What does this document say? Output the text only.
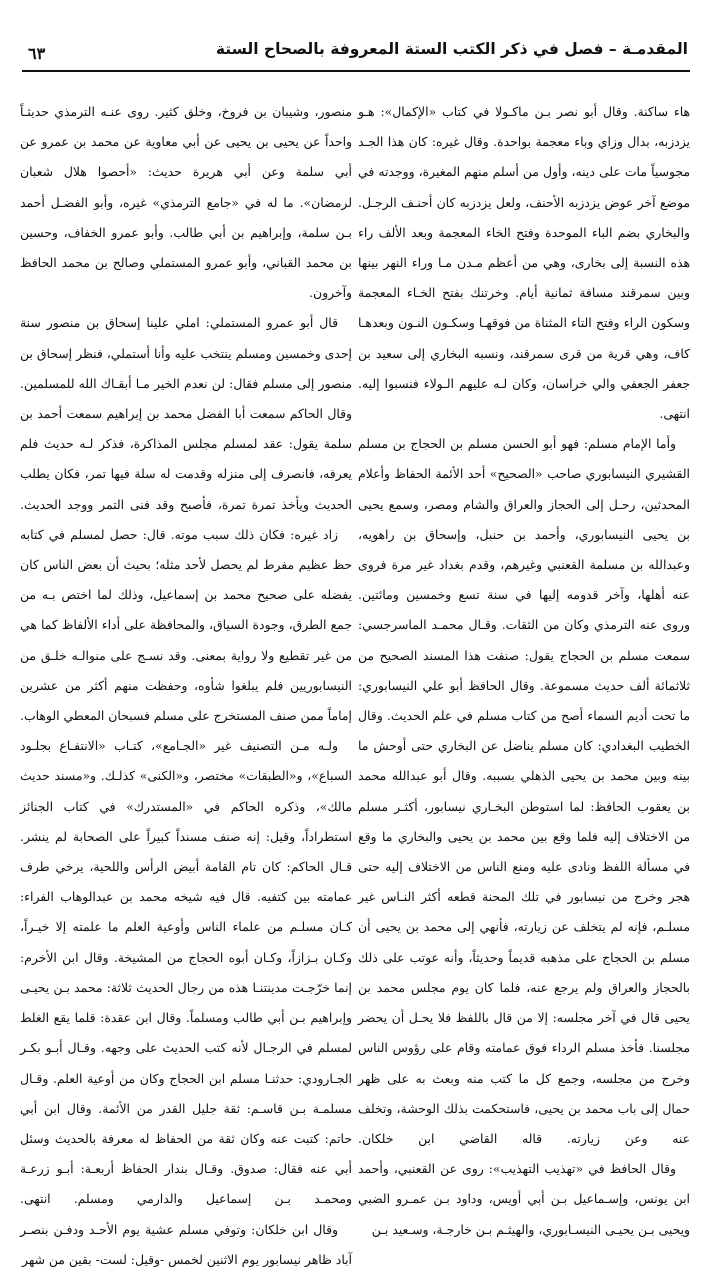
المقدمـة – فصل في ذكر الكتب الستة المعروفة بالصحاح الستة
٦٣

هاء ساكنة. وقال أبو نصر بـن ماكـولا في كتاب «الإكمال»: هـو يزدزبه، بدال وزاي وباء معجمة بواحدة. وقال غيره: كان هذا الجـد مجوسياً مات على دينه، وأول من أسلم منهم المغيرة، ووجدته في موضع آخر عوض يزدزبه الأحنف، ولعل يزدزبه كان أحنـف الرجـل. والبخاري بضم الباء الموحدة وفتح الخاء المعجمة وبعد الألف راء هذه النسبة إلى بخارى، وهي من أعظم مـدن مـا وراء النهر بينها وبين سمرقند مسافة ثمانية أيام. وخرتنك بفتح الخـاء المعجمة وسكون الراء وفتح التاء المثناة من فوقهـا وسكـون النـون وبعدهـا كاف، وهي قرية من قرى سمرقند، ونسبه البخاري إلى سعيد بن جعفر الجعفي والي خراسان، وكان لـه عليهم الـولاء فنسبوا إليه. انتهى.

وأما الإمام مسلم: فهو أبو الحسن مسلم بن الحجاج بن مسلم القشيري النيسابوري صاحب «الصحيح» أحد الأئمة الحفاظ وأعلام المحدثين، رحـل إلى الحجاز والعراق والشام ومصر، وسمع يحيى بن يحيى النيسابوري، وأحمد بن حنبل، وإسحاق بن راهويه، وعبدالله بن مسلمة القعنبي وغيرهم، وقدم بغداد غير مرة فروى عنه أهلها، وآخر قدومه إليها في سنة تسع وخمسين ومائتين. وروى عنه الترمذي وكان من الثقات. وقـال محمـد الماسرجسي: سمعت مسلم بن الحجاج يقول: صنفت هذا المسند الصحيح من ثلاثمائة ألف حديث مسموعة. وقال الحافظ أبو علي النيسابوري: ما تحت أديم السماء أصح من كتاب مسلم في علم الحديث. وقال الخطيب البغدادي: كان مسلم يناضل عن البخاري حتى أوحش ما بينه وبين محمد بن يحيى الذهلي بسببه. وقال أبو عبدالله محمد بن يعقوب الحافظ: لما استوطن البخـاري نيسابور، أكثـر مسلم من الاختلاف إليه فلما وقع بين محمد بن يحيى والبخاري ما وقع في مسألة اللفظ ونادى عليه ومنع الناس من الاختلاف إليه حتى هجر وخرج من نيسابور في تلك المحنة قطعه أكثر النـاس غير مسلـم، فإنه لم يتخلف عن زيارته، فأنهي إلى محمد بن يحيى أن مسلم بن الحجاج على مذهبه قديماً وحديثاً، وأنه عوتب على ذلك بالحجاز والعراق ولم يرجع عنه، فلما كان يوم مجلس محمد بن يحيى قال في آخر مجلسه: إلا من قال باللفظ فلا يحـل أن يحضر مجلسنا. فأخذ مسلم الرداء فوق عمامته وقام على رؤوس الناس وخرج من مجلسه، وجمع كل ما كتب منه وبعث به على ظهر حمال إلى باب محمد بن يحيى، فاستحكمت بذلك الوحشة، وتخلف عنه وعن زيارته. قاله القاضي ابن خلكان.

وقال الحافظ في «تهذيب التهذيب»: روى عن القعنبي، وأحمد ابن يونس، وإسـماعيل بـن أبي أويس، وداود بـن عمـرو الضبي ويحيى بـن يحيـى النيسـابوري، والهيثـم بـن خارجـة، وسـعيد بـن

منصور، وشيبان بن فروخ، وخلق كثير. روى عنـه الترمذي حديثـاً واحداً عن يحيى بن يحيى عن أبي معاوية عن محمد بن عمرو عن أبي سلمة وعن أبي هريرة حديث: «أحصوا هلال شعبان لرمضان». ما له في «جامع الترمذي» غيره، وأبو الفضـل أحمد بـن سلمة، وإبراهيم بن أبي طالب. وأبو عمرو الخفاف، وحسين بن محمد القباني، وأبو عمرو المستملي وصالح بن محمد الحافظ وآخرون.

قال أبو عمرو المستملي: املي علينا إسحاق بن منصور سنة إحدى وخمسين ومسلم ينتخب عليه وأنا أستملي، فنظر إسحاق بن منصور إلى مسلم فقال: لن نعدم الخير مـا أبقـاك الله للمسلمين. وقال الحاكم سمعت أبا الفضل محمد بن إبراهيم سمعت أحمد بن سلمة يقول: عقد لمسلم مجلس المذاكرة، فذكر لـه حديث فلم يعرفه، فانصرف إلى منزله وقدمت له سلة فيها تمر، فكان يطلب الحديث ويأخذ تمرة تمرة، فأصبح وقد فنى التمر ووجد الحديث.

زاد غيره: فكان ذلك سبب موته. قال: حصل لمسلم في كتابه حظ عظيم مفرط لم يحصل لأحد مثله؛ بحيث أن بعض الناس كان يفضله على صحيح محمد بن إسماعيل، وذلك لما اختص بـه من جمع الطرق، وجودة السياق، والمحافظة على أداء الألفاظ كما هي من غير تقطيع ولا رواية بمعنى. وقد نسـج على منوالـه خلـق من النيسابوريين فلم يبلغوا شأوه، وحفظت منهم أكثر من عشرين إماماً ممن صنف المستخرج على مسلم فسبحان المعطي الوهاب.

ولـه مـن التصنيف غير «الجـامع»، كتـاب «الانتفـاع بجلـود السباع»، و«الطبقات» مختصر، و«الكنى» كذلـك. و«مسند حديث مالك»، وذكره الحاكم في «المستدرك» في كتاب الجنائز استطراداً، وقيل: إنه صنف مسنداً كبيراً على الصحابة لم ينشر. قـال الحاكم: كان تام القامة أبيض الرأس واللحية، يرخي طرف عمامته بين كتفيه. قال فيه شيخه محمد بن عبدالوهاب الفراء: كـان مسلـم من علماء الناس وأوعية العلم ما علمته إلا خيـراً، وكـان بـزازاً، وكـان أبوه الحجاج من المشيخة. وقال ابن الأخرم: إنما خرّجـت مدينتنـا هذه من رجال الحديث ثلاثة: محمد بـن يحيـى وإبراهيم بـن أبي طالب ومسلماً. وقال ابن عقدة: قلما يقع الغلط لمسلم في الرجـال لأنه كتب الحديث على وجهه. وقـال أبـو بكـر الجـارودي: حدثنـا مسلم ابن الحجاج وكان من أوعية العلم. وقـال مسلمـة بـن قاسـم: ثقة جليل القدر من الأئمة. وقال ابن أبي حاتم: كتبت عنه وكان ثقة من الحفاظ له معرفة بالحديث وسئل أبي عنه فقال: صدوق. وقـال بندار الحفاظ أربعـة: أبـو زرعـة ومحمـد بـن إسماعيل والدارمي ومسلم. انتهى.

وقال ابن خلكان: وتوفي مسلم عشية يوم الأحـد ودفـن بنصـر آباد ظاهر نيسابور يوم الاثنين لخمس -وقيل: لست- بقين من شهر
